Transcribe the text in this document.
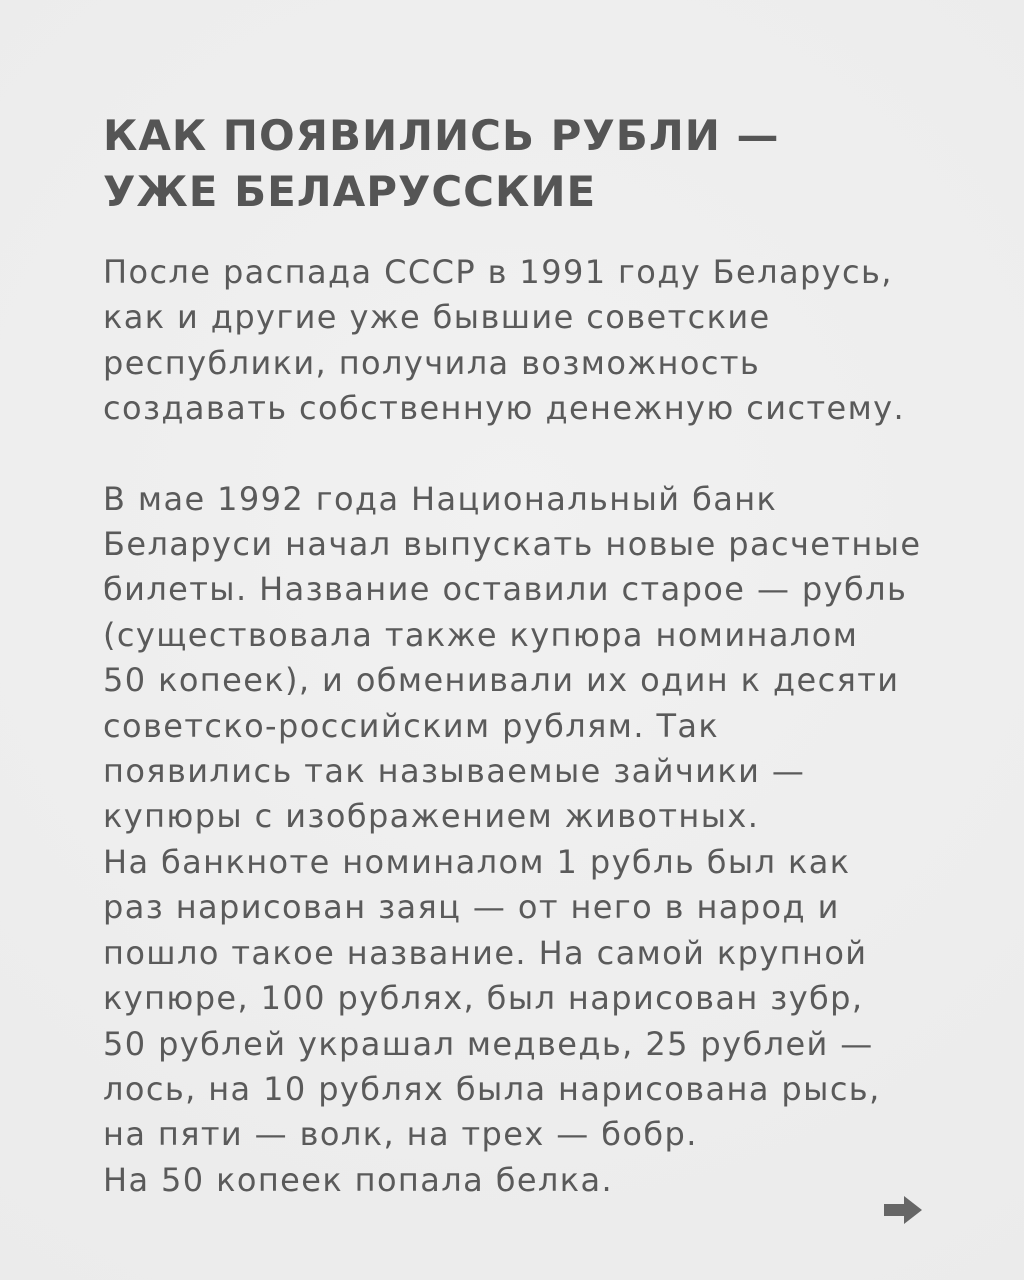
КАК ПОЯВИЛИСЬ РУБЛИ —
УЖЕ БЕЛАРУССКИЕ

После распада СССР в 1991 году Беларусь,
как и другие уже бывшие советские
республики, получила возможность
создавать собственную денежную систему.

В мае 1992 года Национальный банк
Беларуси начал выпускать новые расчетные
билеты. Название оставили старое — рубль
(существовала также купюра номиналом
50 копеек), и обменивали их один к десяти
советско-российским рублям. Так
появились так называемые зайчики —
купюры с изображением животных.
На банкноте номиналом 1 рубль был как
раз нарисован заяц — от него в народ и
пошло такое название. На самой крупной
купюре, 100 рублях, был нарисован зубр,
50 рублей украшал медведь, 25 рублей —
лось, на 10 рублях была нарисована рысь,
на пяти — волк, на трех — бобр.
На 50 копеек попала белка.
